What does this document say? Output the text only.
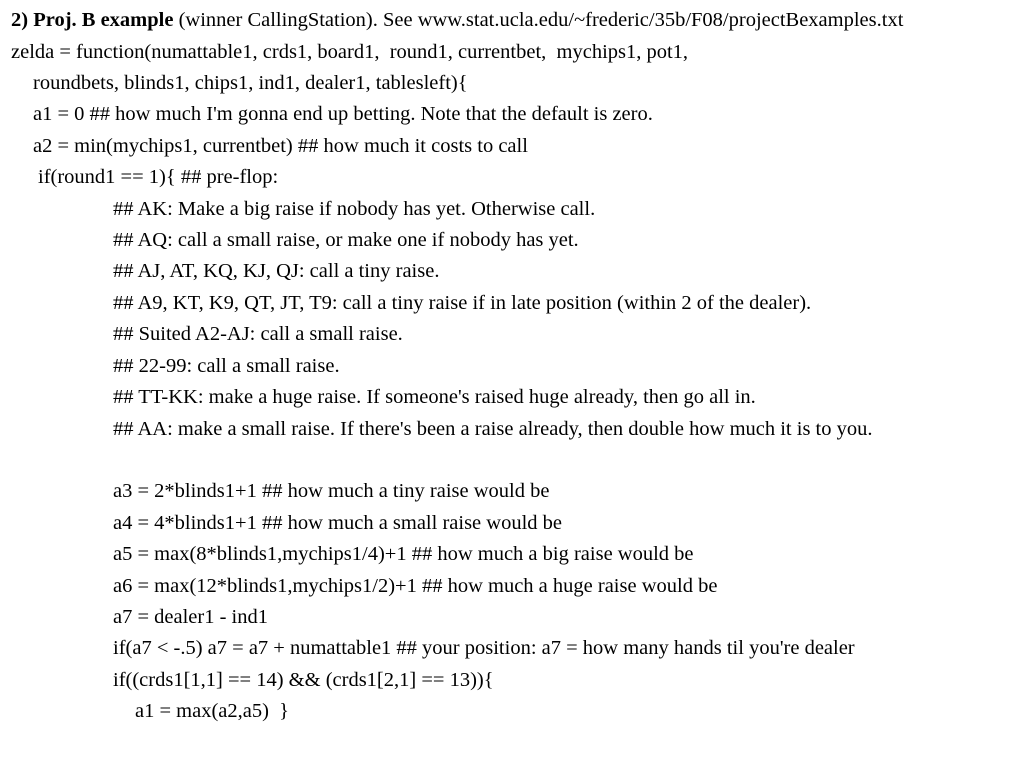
2) Proj. B example (winner CallingStation). See www.stat.ucla.edu/~frederic/35b/F08/projectBexamples.txt
zelda = function(numattable1, crds1, board1,  round1, currentbet,  mychips1, pot1,
roundbets, blinds1, chips1, ind1, dealer1, tablesleft){
a1 = 0 ## how much I'm gonna end up betting. Note that the default is zero.
a2 = min(mychips1, currentbet) ## how much it costs to call
if(round1 == 1){ ## pre-flop:
## AK: Make a big raise if nobody has yet. Otherwise call.
## AQ: call a small raise, or make one if nobody has yet.
## AJ, AT, KQ, KJ, QJ: call a tiny raise.
## A9, KT, K9, QT, JT, T9: call a tiny raise if in late position (within 2 of the dealer).
## Suited A2-AJ: call a small raise.
## 22-99: call a small raise.
## TT-KK: make a huge raise. If someone's raised huge already, then go all in.
## AA: make a small raise. If there's been a raise already, then double how much it is to you.
a3 = 2*blinds1+1 ## how much a tiny raise would be
a4 = 4*blinds1+1 ## how much a small raise would be
a5 = max(8*blinds1,mychips1/4)+1 ## how much a big raise would be
a6 = max(12*blinds1,mychips1/2)+1 ## how much a huge raise would be
a7 = dealer1 - ind1
if(a7 < -.5) a7 = a7 + numattable1 ## your position: a7 = how many hands til you're dealer
if((crds1[1,1] == 14) && (crds1[2,1] == 13)){
a1 = max(a2,a5)  }
